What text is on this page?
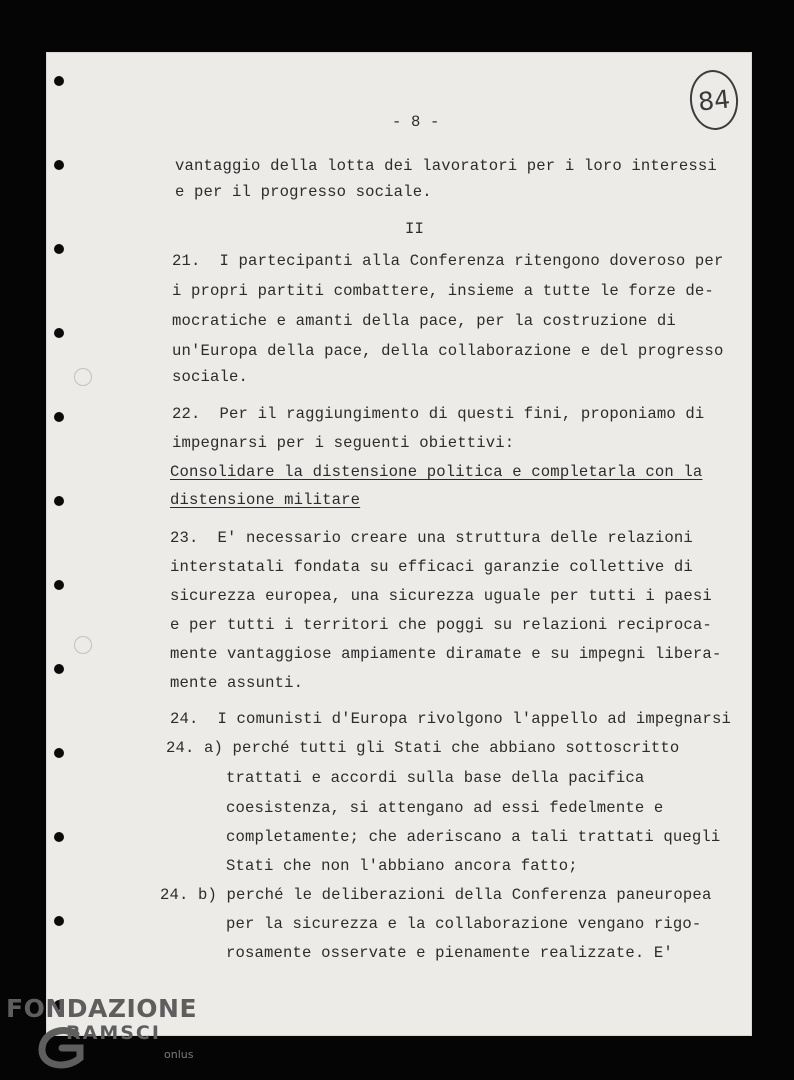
84
- 8 -
vantaggio della lotta dei lavoratori per i loro interessi
e per il progresso sociale.
II
21.  I partecipanti alla Conferenza ritengono doveroso per
i propri partiti combattere, insieme a tutte le forze de-
mocratiche e amanti della pace, per la costruzione di
un'Europa della pace, della collaborazione e del progresso
sociale.
22.  Per il raggiungimento di questi fini, proponiamo di
impegnarsi per i seguenti obiettivi:
Consolidare la distensione politica e completarla con la
distensione militare
23.  E' necessario creare una struttura delle relazioni
interstatali fondata su efficaci garanzie collettive di
sicurezza europea, una sicurezza uguale per tutti i paesi
e per tutti i territori che poggi su relazioni reciproca-
mente vantaggiose ampiamente diramate e su impegni libera-
mente assunti.
24.  I comunisti d'Europa rivolgono l'appello ad impegnarsi
24. a) perché tutti gli Stati che abbiano sottoscritto
trattati e accordi sulla base della pacifica
coesistenza, si attengano ad essi fedelmente e
completamente; che aderiscano a tali trattati quegli
Stati che non l'abbiano ancora fatto;
24. b) perché le deliberazioni della Conferenza paneuropea
per la sicurezza e la collaborazione vengano rigo-
rosamente osservate e pienamente realizzate. E'
FONDAZIONE
RAMSCI
onlus
